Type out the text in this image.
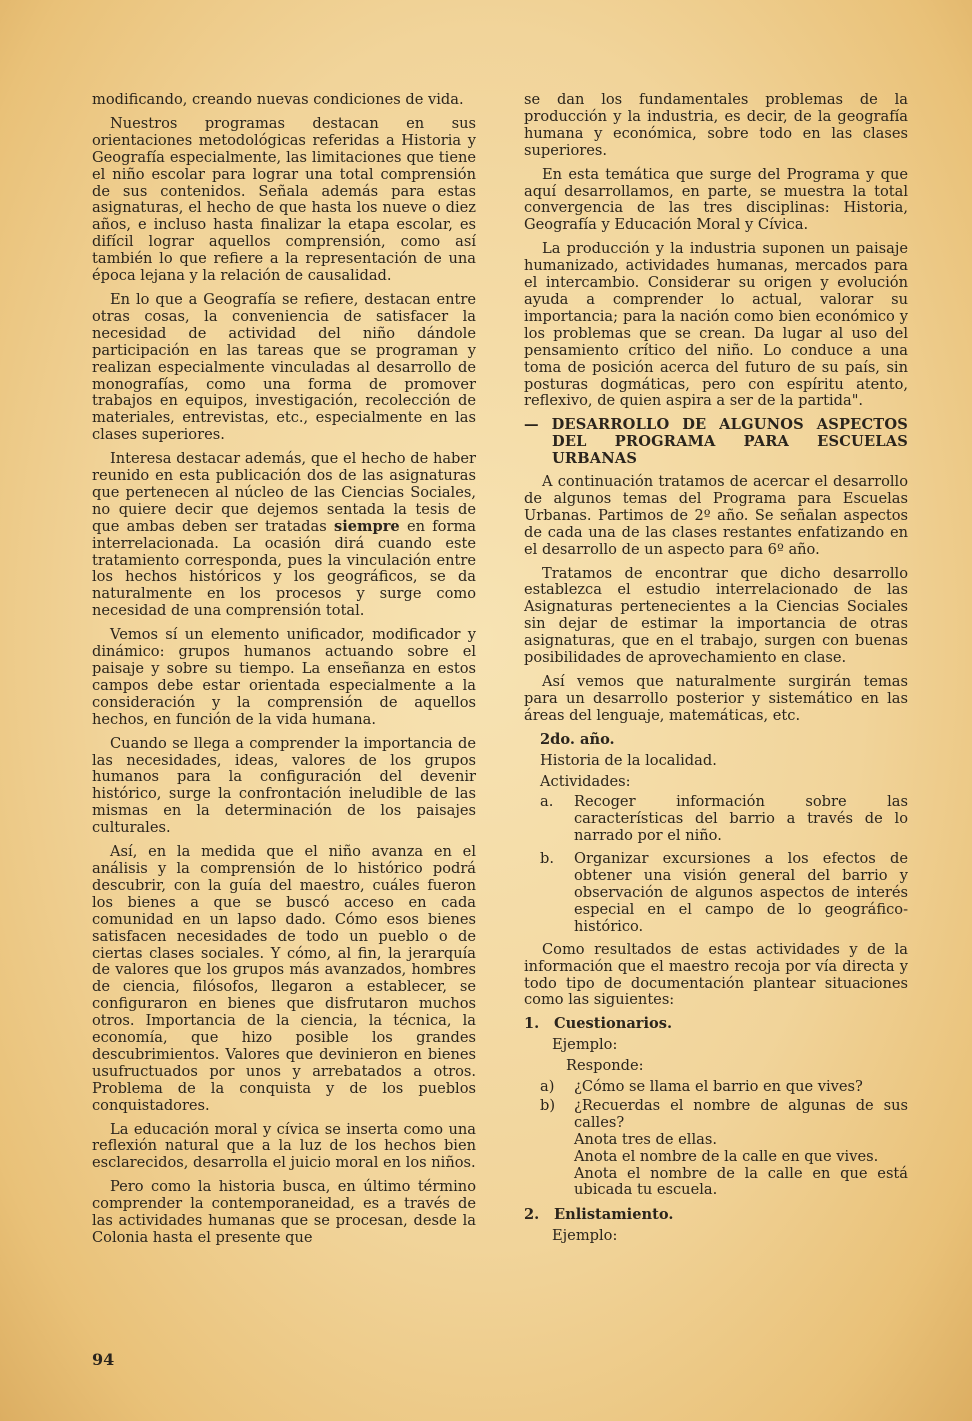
modificando, creando nuevas condiciones de vida.

Nuestros programas destacan en sus orientaciones metodológicas referidas a Historia y Geografía especialmente, las limitaciones que tiene el niño escolar para lograr una total comprensión de sus contenidos. Señala además para estas asignaturas, el hecho de que hasta los nueve o diez años, e incluso hasta finalizar la etapa escolar, es difícil lograr aquellos comprensión, como así también lo que refiere a la representación de una época lejana y la relación de causalidad.

En lo que a Geografía se refiere, destacan entre otras cosas, la conveniencia de satisfacer la necesidad de actividad del niño dándole participación en las tareas que se programan y realizan especialmente vinculadas al desarrollo de monografías, como una forma de promover trabajos en equipos, investigación, recolección de materiales, entrevistas, etc., especialmente en las clases superiores.

Interesa destacar además, que el hecho de haber reunido en esta publicación dos de las asignaturas que pertenecen al núcleo de las Ciencias Sociales, no quiere decir que dejemos sentada la tesis de que ambas deben ser tratadas siempre en forma interrelacionada. La ocasión dirá cuando este tratamiento corresponda, pues la vinculación entre los hechos históricos y los geográficos, se da naturalmente en los procesos y surge como necesidad de una comprensión total.

Vemos sí un elemento unificador, modificador y dinámico: grupos humanos actuando sobre el paisaje y sobre su tiempo. La enseñanza en estos campos debe estar orientada especialmente a la consideración y la comprensión de aquellos hechos, en función de la vida humana.

Cuando se llega a comprender la importancia de las necesidades, ideas, valores de los grupos humanos para la configuración del devenir histórico, surge la confrontación ineludible de las mismas en la determinación de los paisajes culturales.

Así, en la medida que el niño avanza en el análisis y la comprensión de lo histórico podrá descubrir, con la guía del maestro, cuáles fueron los bienes a que se buscó acceso en cada comunidad en un lapso dado. Cómo esos bienes satisfacen necesidades de todo un pueblo o de ciertas clases sociales. Y cómo, al fin, la jerarquía de valores que los grupos más avanzados, hombres de ciencia, filósofos, llegaron a establecer, se configuraron en bienes que disfrutaron muchos otros. Importancia de la ciencia, la técnica, la economía, que hizo posible los grandes descubrimientos. Valores que devinieron en bienes usufructuados por unos y arrebatados a otros. Problema de la conquista y de los pueblos conquistadores.

La educación moral y cívica se inserta como una reflexión natural que a la luz de los hechos bien esclarecidos, desarrolla el juicio moral en los niños.

Pero como la historia busca, en último término comprender la contemporaneidad, es a través de las actividades humanas que se procesan, desde la Colonia hasta el presente que

se dan los fundamentales problemas de la producción y la industria, es decir, de la geografía humana y económica, sobre todo en las clases superiores.

En esta temática que surge del Programa y que aquí desarrollamos, en parte, se muestra la total convergencia de las tres disciplinas: Historia, Geografía y Educación Moral y Cívica.

La producción y la industria suponen un paisaje humanizado, actividades humanas, mercados para el intercambio. Considerar su origen y evolución ayuda a comprender lo actual, valorar su importancia; para la nación como bien económico y los problemas que se crean. Da lugar al uso del pensamiento crítico del niño. Lo conduce a una toma de posición acerca del futuro de su país, sin posturas dogmáticas, pero con espíritu atento, reflexivo, de quien aspira a ser de la partida".

— DESARROLLO DE ALGUNOS ASPECTOS DEL PROGRAMA PARA ESCUELAS URBANAS

A continuación tratamos de acercar el desarrollo de algunos temas del Programa para Escuelas Urbanas. Partimos de 2º año. Se señalan aspectos de cada una de las clases restantes enfatizando en el desarrollo de un aspecto para 6º año.

Tratamos de encontrar que dicho desarrollo establezca el estudio interrelacionado de las Asignaturas pertenecientes a la Ciencias Sociales sin dejar de estimar la importancia de otras asignaturas, que en el trabajo, surgen con buenas posibilidades de aprovechamiento en clase.

Así vemos que naturalmente surgirán temas para un desarrollo posterior y sistemático en las áreas del lenguaje, matemáticas, etc.

2do. año.
Historia de la localidad.
Actividades:
a.	Recoger información sobre las características del barrio a través de lo narrado por el niño.
b.	Organizar excursiones a los efectos de obtener una visión general del barrio y observación de algunos aspectos de interés especial en el campo de lo geográfico-histórico.

Como resultados de estas actividades y de la información que el maestro recoja por vía directa y todo tipo de documentación plantear situaciones como las siguientes:

1.	Cuestionarios.
Ejemplo:
Responde:
a)	¿Cómo se llama el barrio en que vives?
b)	¿Recuerdas el nombre de algunas de sus calles?
Anota tres de ellas.
Anota el nombre de la calle en que vives.
Anota el nombre de la calle en que está ubicada tu escuela.
2.	Enlistamiento.
Ejemplo:
94
